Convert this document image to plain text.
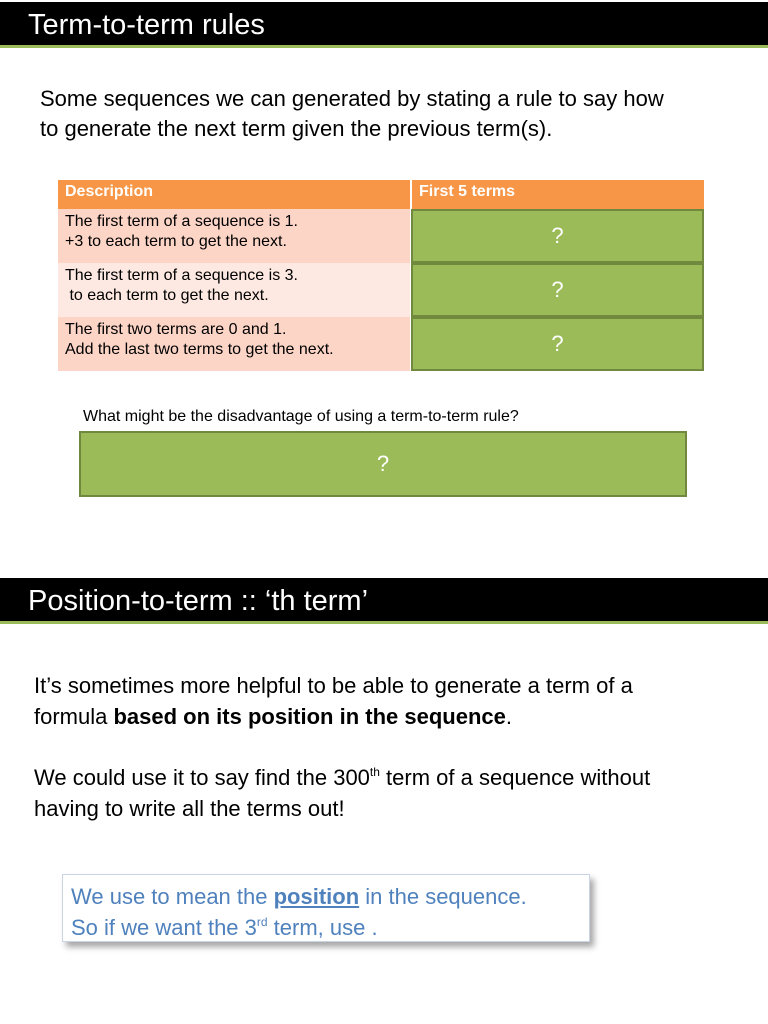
Term-to-term rules
Some sequences we can generated by stating a rule to say how
to generate the next term given the previous term(s).
Description	First 5 terms
The first term of a sequence is 1.
+3 to each term to get the next.	?
The first term of a sequence is 3.
to each term to get the next.	?
The first two terms are 0 and 1.
Add the last two terms to get the next.	?
What might be the disadvantage of using a term-to-term rule?
?
Position-to-term :: ‘th term’
It’s sometimes more helpful to be able to generate a term of a
formula based on its position in the sequence.
We could use it to say find the 300th term of a sequence without
having to write all the terms out!
We use to mean the position in the sequence.
So if we want the 3rd term, use .
